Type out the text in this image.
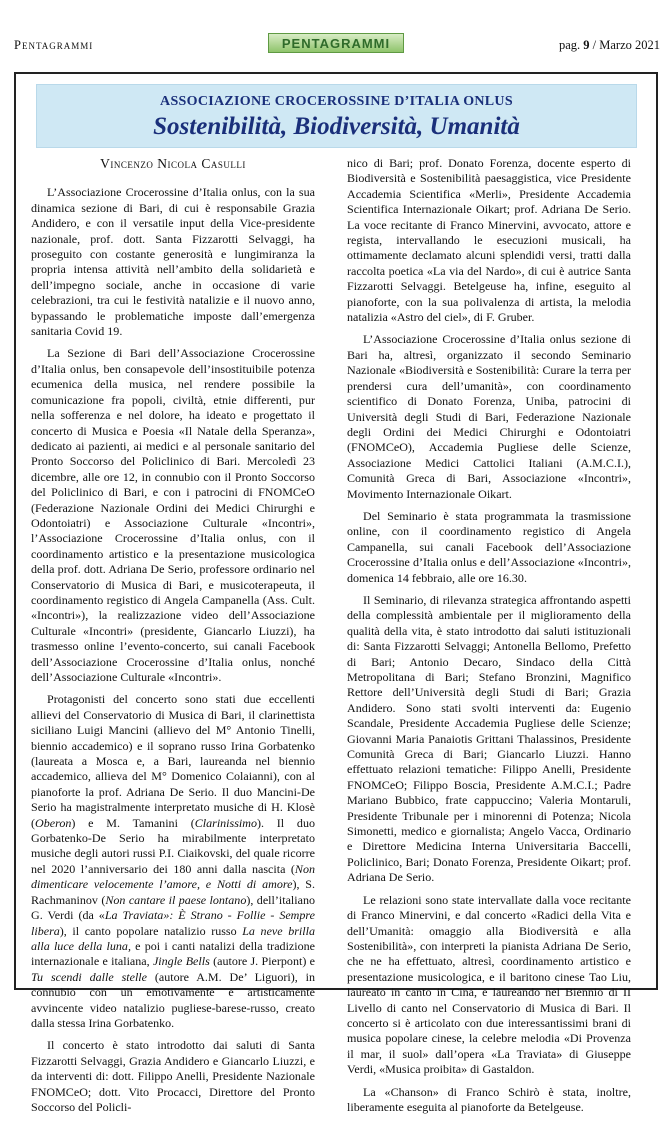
Pentagrammi	PENTAGRAMMI	pag. 9 / Marzo 2021
ASSOCIAZIONE CROCEROSSINE D’ITALIA ONLUS
Sostenibilità, Biodiversità, Umanità
Vincenzo Nicola Casulli

L’Associazione Crocerossine d’Italia onlus, con la sua dinamica sezione di Bari, di cui è responsabile Grazia Andidero, e con il versatile input della Vice-presidente nazionale, prof. dott. Santa Fizzarotti Selvaggi, ha proseguito con costante generosità e lungimiranza la propria intensa attività nell’ambito della solidarietà e dell’impegno sociale, anche in occasione di varie celebrazioni, tra cui le festività natalizie e il nuovo anno, bypassando le problematiche imposte dall’emergenza sanitaria Covid 19.

La Sezione di Bari dell’Associazione Crocerossine d’Italia onlus, ben consapevole dell’insostituibile potenza ecumenica della musica, nel rendere possibile la comunicazione fra popoli, civiltà, etnie differenti, pur nella sofferenza e nel dolore, ha ideato e progettato il concerto di Musica e Poesia «Il Natale della Speranza», dedicato ai pazienti, ai medici e al personale sanitario del Pronto Soccorso del Policlinico di Bari. Mercoledì 23 dicembre, alle ore 12, in connubio con il Pronto Soccorso del Policlinico di Bari, e con i patrocini di FNOMCeO (Federazione Nazionale Ordini dei Medici Chirurghi e Odontoiatri) e Associazione Culturale «Incontri», l’Associazione Crocerossine d’Italia onlus, con il coordinamento artistico e la presentazione musicologica della prof. dott. Adriana De Serio, professore ordinario nel Conservatorio di Musica di Bari, e musicoterapeuta, il coordinamento registico di Angela Campanella (Ass. Cult. «Incontri»), la realizzazione video dell’Associazione Culturale «Incontri» (presidente, Giancarlo Liuzzi), ha trasmesso online l’evento-concerto, sui canali Facebook dell’Associazione Crocerossine d’Italia onlus, nonché dell’Associazione Culturale «Incontri».

Protagonisti del concerto sono stati due eccellenti allievi del Conservatorio di Musica di Bari, il clarinettista siciliano Luigi Mancini (allievo del M° Antonio Tinelli, biennio accademico) e il soprano russo Irina Gorbatenko (laureata a Mosca e, a Bari, laureanda nel biennio accademico, allieva del M° Domenico Colaianni), con al pianoforte la prof. Adriana De Serio. Il duo Mancini-De Serio ha magistralmente interpretato musiche di H. Klosè (Oberon) e M. Tamanini (Clarinissimo). Il duo Gorbatenko-De Serio ha mirabilmente interpretato musiche degli autori russi P.I. Ciaikovski, del quale ricorre nel 2020 l’anniversario dei 180 anni dalla nascita (Non dimenticare velocemente l’amore, e Notti di amore), S. Rachmaninov (Non cantare il paese lontano), dell’italiano G. Verdi (da «La Traviata»: È Strano - Follie - Sempre libera), il canto popolare natalizio russo La neve brilla alla luce della luna, e poi i canti natalizi della tradizione internazionale e italiana, Jingle Bells (autore J. Pierpont) e Tu scendi dalle stelle (autore A.M. De’ Liguori), in connubio con un emotivamente e artisticamente avvincente video natalizio pugliese-barese-russo, creato dalla stessa Irina Gorbatenko.

Il concerto è stato introdotto dai saluti di Santa Fizzarotti Selvaggi, Grazia Andidero e Giancarlo Liuzzi, e da interventi di: dott. Filippo Anelli, Presidente Nazionale FNOMCeO; dott. Vito Procacci, Direttore del Pronto Soccorso del Policli-

nico di Bari; prof. Donato Forenza, docente esperto di Biodiversità e Sostenibilità paesaggistica, vice Presidente Accademia Scientifica «Merli», Presidente Accademia Scientifica Internazionale Oikart; prof. Adriana De Serio. La voce recitante di Franco Minervini, avvocato, attore e regista, intervallando le esecuzioni musicali, ha ottimamente declamato alcuni splendidi versi, tratti dalla raccolta poetica «La via del Nardo», di cui è autrice Santa Fizzarotti Selvaggi. Betelgeuse ha, infine, eseguito al pianoforte, con la sua polivalenza di artista, la melodia natalizia «Astro del ciel», di F. Gruber.

L’Associazione Crocerossine d’Italia onlus sezione di Bari ha, altresì, organizzato il secondo Seminario Nazionale «Biodiversità e Sostenibilità: Curare la terra per prendersi cura dell’umanità», con coordinamento scientifico di Donato Forenza, Uniba, patrocini di Università degli Studi di Bari, Federazione Nazionale degli Ordini dei Medici Chirurghi e Odontoiatri (FNOMCeO), Accademia Pugliese delle Scienze, Associazione Medici Cattolici Italiani (A.M.C.I.), Comunità Greca di Bari, Associazione «Incontri», Movimento Internazionale Oikart.

Del Seminario è stata programmata la trasmissione online, con il coordinamento registico di Angela Campanella, sui canali Facebook dell’Associazione Crocerossine d’Italia onlus e dell’Associazione «Incontri», domenica 14 febbraio, alle ore 16.30.

Il Seminario, di rilevanza strategica affrontando aspetti della complessità ambientale per il miglioramento della qualità della vita, è stato introdotto dai saluti istituzionali di: Santa Fizzarotti Selvaggi; Antonella Bellomo, Prefetto di Bari; Antonio Decaro, Sindaco della Città Metropolitana di Bari; Stefano Bronzini, Magnifico Rettore dell’Università degli Studi di Bari; Grazia Andidero. Sono stati svolti interventi da: Eugenio Scandale, Presidente Accademia Pugliese delle Scienze; Giovanni Maria Panaiotis Grittani Thalassinos, Presidente Comunità Greca di Bari; Giancarlo Liuzzi. Hanno effettuato relazioni tematiche: Filippo Anelli, Presidente FNOMCeO; Filippo Boscia, Presidente A.M.C.I.; Padre Mariano Bubbico, frate cappuccino; Valeria Montaruli, Presidente Tribunale per i minorenni di Potenza; Nicola Simonetti, medico e giornalista; Angelo Vacca, Ordinario e Direttore Medicina Interna Universitaria Baccelli, Policlinico, Bari; Donato Forenza, Presidente Oikart; prof. Adriana De Serio.

Le relazioni sono state intervallate dalla voce recitante di Franco Minervini, e dal concerto «Radici della Vita e dell’Umanità: omaggio alla Biodiversità e alla Sostenibilità», con interpreti la pianista Adriana De Serio, che ne ha effettuato, altresì, coordinamento artistico e presentazione musicologica, e il baritono cinese Tao Liu, laureato in canto in Cina, e laureando nel Biennio di II Livello di canto nel Conservatorio di Musica di Bari. Il concerto si è articolato con due interessantissimi brani di musica popolare cinese, la celebre melodia «Di Provenza il mar, il suol» dall’opera «La Traviata» di Giuseppe Verdi, «Musica proibita» di Gastaldon.

La «Chanson» di Franco Schirò è stata, inoltre, liberamente eseguita al pianoforte da Betelgeuse.
